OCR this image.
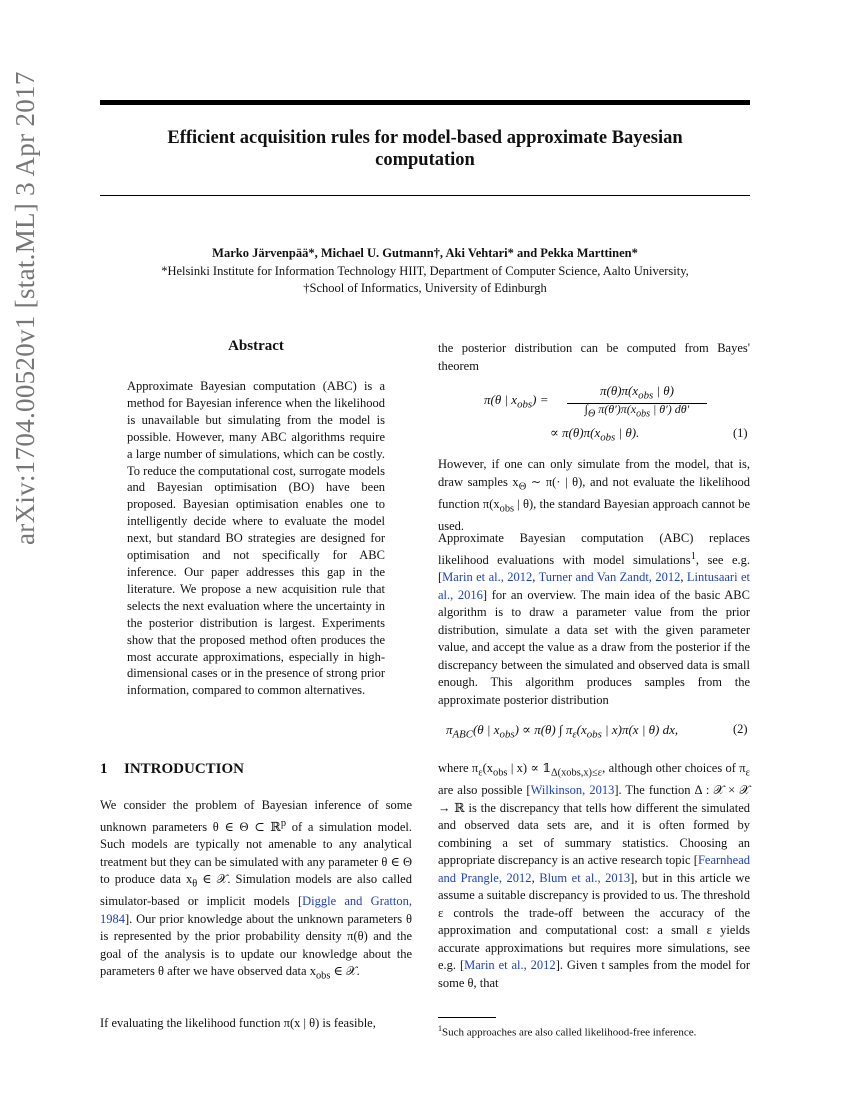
arXiv:1704.00520v1 [stat.ML] 3 Apr 2017	Efficient acquisition rules for model-based approximate Bayesian
computation
Marko Järvenpää*, Michael U. Gutmann†, Aki Vehtari* and Pekka Marttinen*
*Helsinki Institute for Information Technology HIIT, Department of Computer Science, Aalto University,
†School of Informatics, University of Edinburgh
Abstract
Approximate Bayesian computation (ABC) is a method for Bayesian inference when the likelihood is unavailable but simulating from the model is possible. However, many ABC algorithms require a large number of simulations, which can be costly. To reduce the computational cost, surrogate models and Bayesian optimisation (BO) have been proposed. Bayesian optimisation enables one to intelligently decide where to evaluate the model next, but standard BO strategies are designed for optimisation and not specifically for ABC inference. Our paper addresses this gap in the literature. We propose a new acquisition rule that selects the next evaluation where the uncertainty in the posterior distribution is largest. Experiments show that the proposed method often produces the most accurate approximations, especially in high-dimensional cases or in the presence of strong prior information, compared to common alternatives.
1 INTRODUCTION
We consider the problem of Bayesian inference of some unknown parameters θ ∈ Θ ⊂ ℝ$^p$ of a simulation model. Such models are typically not amenable to any analytical treatment but they can be simulated with any parameter θ ∈ Θ to produce data $x_\theta$ ∈ 𝒳. Simulation models are also called simulator-based or implicit models [Diggle and Gratton, 1984]. Our prior knowledge about the unknown parameters θ is represented by the prior probability density π(θ) and the goal of the analysis is to update our knowledge about the parameters θ after we have observed data $x_{obs}$ ∈ 𝒳.
If evaluating the likelihood function π(x | θ) is feasible,
the posterior distribution can be computed from Bayes' theorem
π(θ | $x_{obs}$) =
$\pi(\theta)\pi(x_{obs}$ | θ)
$\int_\Theta$ $\pi(\theta')\pi(x_{obs}$ | θ′) dθ′
∝ $\pi(\theta)\pi(x_{obs}$ | θ).	(1)
However, if one can only simulate from the model, that is, draw samples $x_\Theta$ ∼ π(· | θ), and not evaluate the likelihood function $\pi(x_{obs}$ | θ), the standard Bayesian approach cannot be used.
Approximate Bayesian computation (ABC) replaces likelihood evaluations with model simulations$^1$, see e.g. [Marin et al., 2012, Turner and Van Zandt, 2012, Lintusaari et al., 2016] for an overview. The main idea of the basic ABC algorithm is to draw a parameter value from the prior distribution, simulate a data set with the given parameter value, and accept the value as a draw from the posterior if the discrepancy between the simulated and observed data is small enough. This algorithm produces samples from the approximate posterior distribution
$\pi_{ABC}(\theta$ | $x_{obs}) \propto \pi(\theta)$ ∫ $\pi_\varepsilon(x_{obs}$ | x)π(x | θ) dx,	(2)
where $\pi_\varepsilon(x_{obs}$ | $x) \propto 𝟙_{\Delta(xobs,x)\le\varepsilon}$, although other choices of $\pi_\varepsilon$ are also possible [Wilkinson, 2013]. The function Δ : 𝒳 × 𝒳 → ℝ is the discrepancy that tells how different the simulated and observed data sets are, and it is often formed by combining a set of summary statistics. Choosing an appropriate discrepancy is an active research topic [Fearnhead and Prangle, 2012, Blum et al., 2013], but in this article we assume a suitable discrepancy is provided to us. The threshold ε controls the trade-off between the accuracy of the approximation and computational cost: a small ε yields accurate approximations but requires more simulations, see e.g. [Marin et al., 2012]. Given t samples from the model for some θ, that
$^1$Such approaches are also called likelihood-free inference.
